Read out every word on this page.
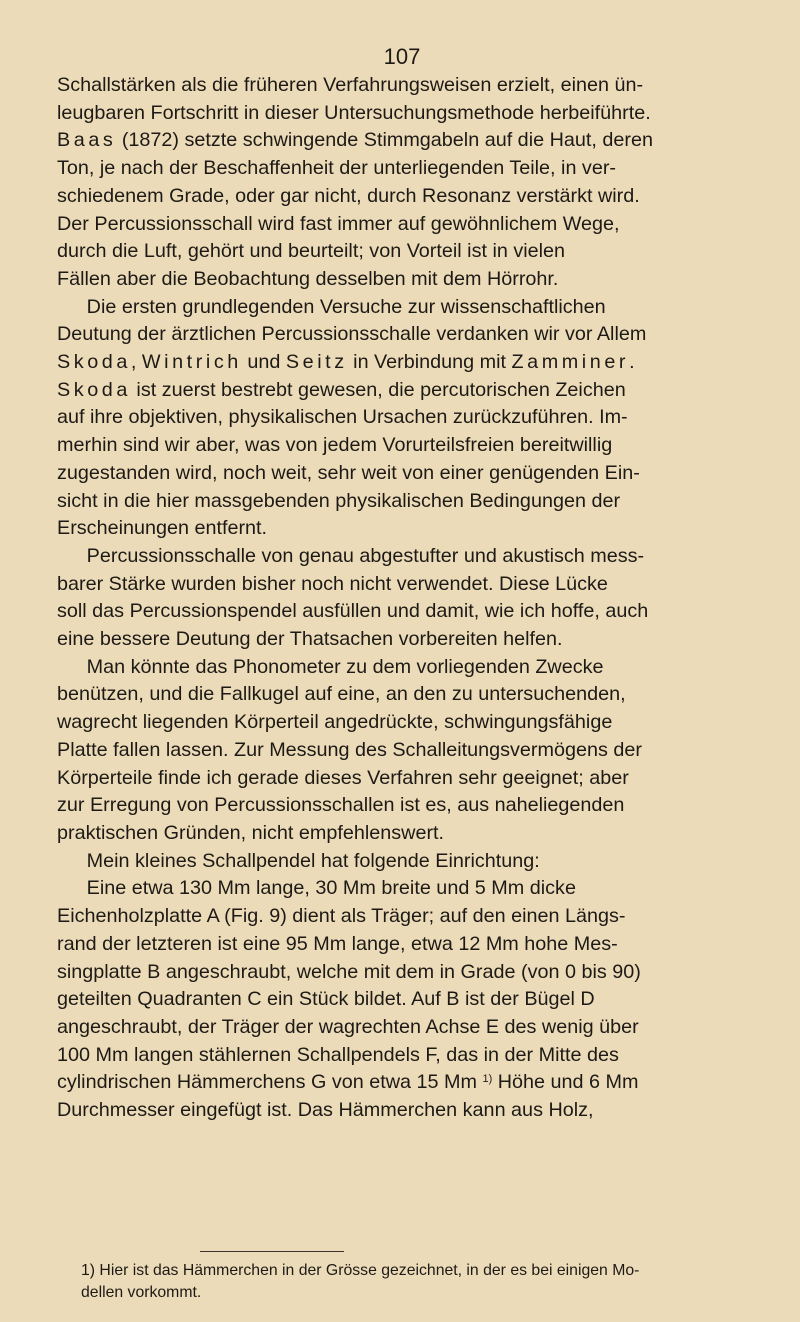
107
Schallstärken als die früheren Verfahrungsweisen erzielt, einen ün-
leugbaren Fortschritt in dieser Untersuchungsmethode herbeiführte.
Baas (1872) setzte schwingende Stimmgabeln auf die Haut, deren
Ton, je nach der Beschaffenheit der unterliegenden Teile, in ver-
schiedenem Grade, oder gar nicht, durch Resonanz verstärkt wird.
Der Percussionsschall wird fast immer auf gewöhnlichem Wege,
durch die Luft, gehört und beurteilt; von Vorteil ist in vielen
Fällen aber die Beobachtung desselben mit dem Hörrohr.
  Die ersten grundlegenden Versuche zur wissenschaftlichen
Deutung der ärztlichen Percussionsschalle verdanken wir vor Allem
Skoda, Wintrich und Seitz in Verbindung mit Zamminer.
Skoda ist zuerst bestrebt gewesen, die percutorischen Zeichen
auf ihre objektiven, physikalischen Ursachen zurückzuführen. Im-
merhin sind wir aber, was von jedem Vorurteilsfreien bereitwillig
zugestanden wird, noch weit, sehr weit von einer genügenden Ein-
sicht in die hier massgebenden physikalischen Bedingungen der
Erscheinungen entfernt.
  Percussionsschalle von genau abgestufter und akustisch mess-
barer Stärke wurden bisher noch nicht verwendet. Diese Lücke
soll das Percussionspendel ausfüllen und damit, wie ich hoffe, auch
eine bessere Deutung der Thatsachen vorbereiten helfen.
  Man könnte das Phonometer zu dem vorliegenden Zwecke
benützen, und die Fallkugel auf eine, an den zu untersuchenden,
wagrecht liegenden Körperteil angedrückte, schwingungsfähige
Platte fallen lassen. Zur Messung des Schalleitungsvermögens der
Körperteile finde ich gerade dieses Verfahren sehr geeignet; aber
zur Erregung von Percussionsschallen ist es, aus naheliegenden
praktischen Gründen, nicht empfehlenswert.
  Mein kleines Schallpendel hat folgende Einrichtung:
  Eine etwa 130 Mm lange, 30 Mm breite und 5 Mm dicke
Eichenholzplatte A (Fig. 9) dient als Träger; auf den einen Längs-
rand der letzteren ist eine 95 Mm lange, etwa 12 Mm hohe Mes-
singplatte B angeschraubt, welche mit dem in Grade (von 0 bis 90)
geteilten Quadranten C ein Stück bildet. Auf B ist der Bügel D
angeschraubt, der Träger der wagrechten Achse E des wenig über
100 Mm langen stählernen Schallpendels F, das in der Mitte des
cylindrischen Hämmerchens G von etwa 15 Mm $^{1)}$ Höhe und 6 Mm
Durchmesser eingefügt ist. Das Hämmerchen kann aus Holz,
1) Hier ist das Hämmerchen in der Grösse gezeichnet, in der es bei einigen Mo-
dellen vorkommt.
